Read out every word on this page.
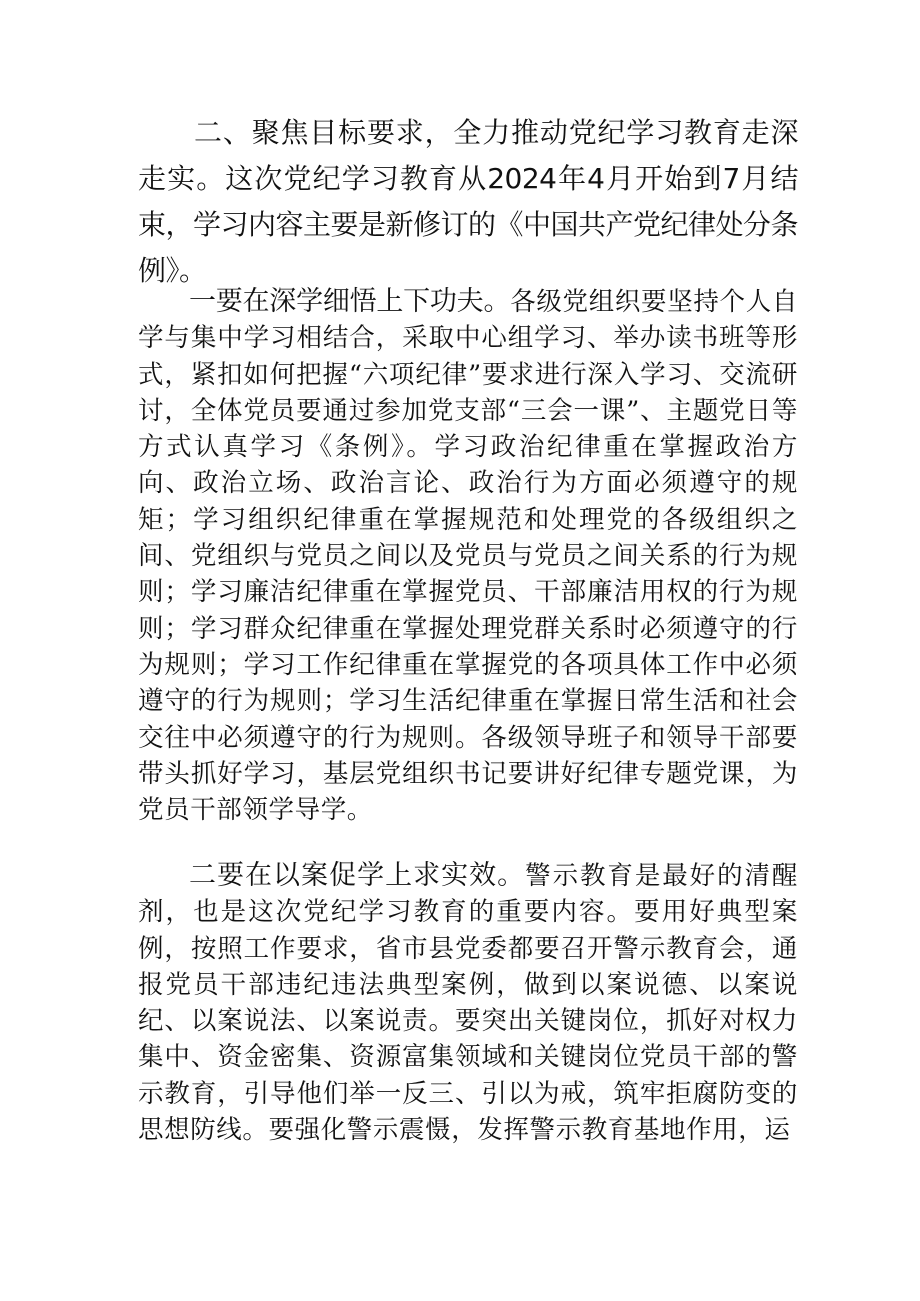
二、聚焦目标要求，全力推动党纪学习教育走深走实。这次党纪学习教育从2024年4月开始到7月结束，学习内容主要是新修订的《中国共产党纪律处分条例》。

一要在深学细悟上下功夫。各级党组织要坚持个人自学与集中学习相结合，采取中心组学习、举办读书班等形式，紧扣如何把握“六项纪律”要求进行深入学习、交流研讨，全体党员要通过参加党支部“三会一课”、主题党日等方式认真学习《条例》。学习政治纪律重在掌握政治方向、政治立场、政治言论、政治行为方面必须遵守的规矩；学习组织纪律重在掌握规范和处理党的各级组织之间、党组织与党员之间以及党员与党员之间关系的行为规则；学习廉洁纪律重在掌握党员、干部廉洁用权的行为规则；学习群众纪律重在掌握处理党群关系时必须遵守的行为规则；学习工作纪律重在掌握党的各项具体工作中必须遵守的行为规则；学习生活纪律重在掌握日常生活和社会交往中必须遵守的行为规则。各级领导班子和领导干部要带头抓好学习，基层党组织书记要讲好纪律专题党课，为党员干部领学导学。

二要在以案促学上求实效。警示教育是最好的清醒剂，也是这次党纪学习教育的重要内容。要用好典型案例，按照工作要求，省市县党委都要召开警示教育会，通报党员干部违纪违法典型案例，做到以案说德、以案说纪、以案说法、以案说责。要突出关键岗位，抓好对权力集中、资金密集、资源富集领域和关键岗位党员干部的警示教育，引导他们举一反三、引以为戒，筑牢拒腐防变的思想防线。要强化警示震慑，发挥警示教育基地作用，运
